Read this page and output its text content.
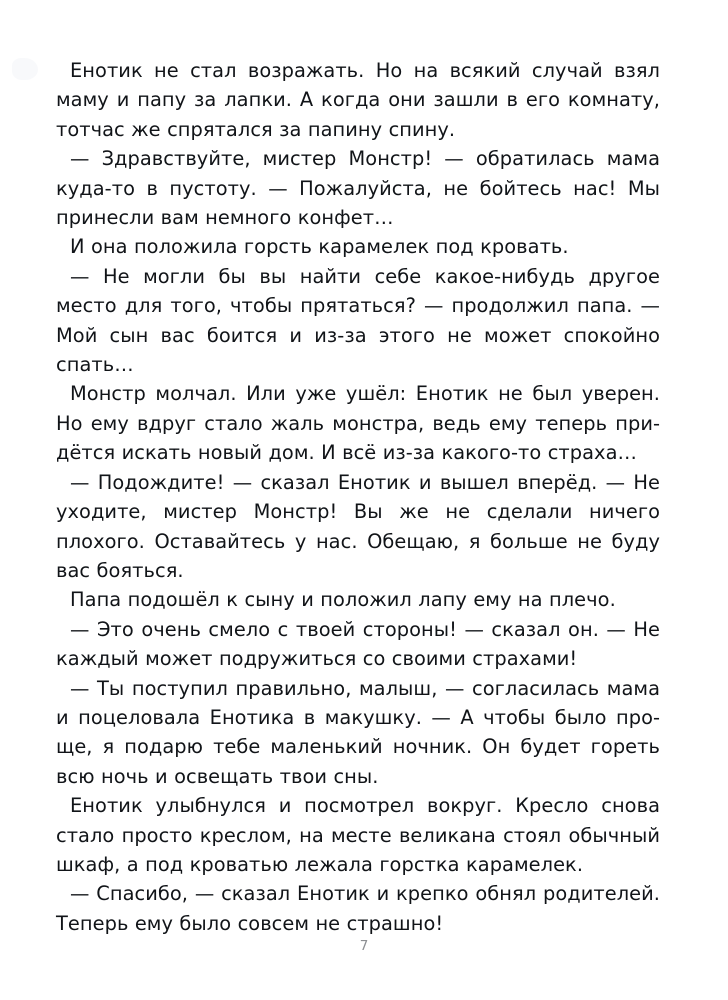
Енотик не стал возражать. Но на всякий случай взял маму и папу за лапки. А когда они зашли в его комнату, тотчас же спрятался за папину спину.

— Здравствуйте, мистер Монстр! — обратилась мама куда-то в пустоту. — Пожалуйста, не бойтесь нас! Мы принесли вам немного конфет…

И она положила горсть карамелек под кровать.

— Не могли бы вы найти себе какое-нибудь другое место для того, чтобы прятаться? — продолжил папа. — Мой сын вас боится и из-за этого не может спокойно спать…

Монстр молчал. Или уже ушёл: Енотик не был уверен. Но ему вдруг стало жаль монстра, ведь ему теперь придётся искать новый дом. И всё из-за какого-то страха…

— Подождите! — сказал Енотик и вышел вперёд. — Не уходите, мистер Монстр! Вы же не сделали ничего плохого. Оставайтесь у нас. Обещаю, я больше не буду вас бояться.

Папа подошёл к сыну и положил лапу ему на плечо.

— Это очень смело с твоей стороны! — сказал он. — Не каждый может подружиться со своими страхами!

— Ты поступил правильно, малыш, — согласилась мама и поцеловала Енотика в макушку. — А чтобы было проще, я подарю тебе маленький ночник. Он будет гореть всю ночь и освещать твои сны.

Енотик улыбнулся и посмотрел вокруг. Кресло снова стало просто креслом, на месте великана стоял обычный шкаф, а под кроватью лежала горстка карамелек.

— Спасибо, — сказал Енотик и крепко обнял родителей. Теперь ему было совсем не страшно!

7
